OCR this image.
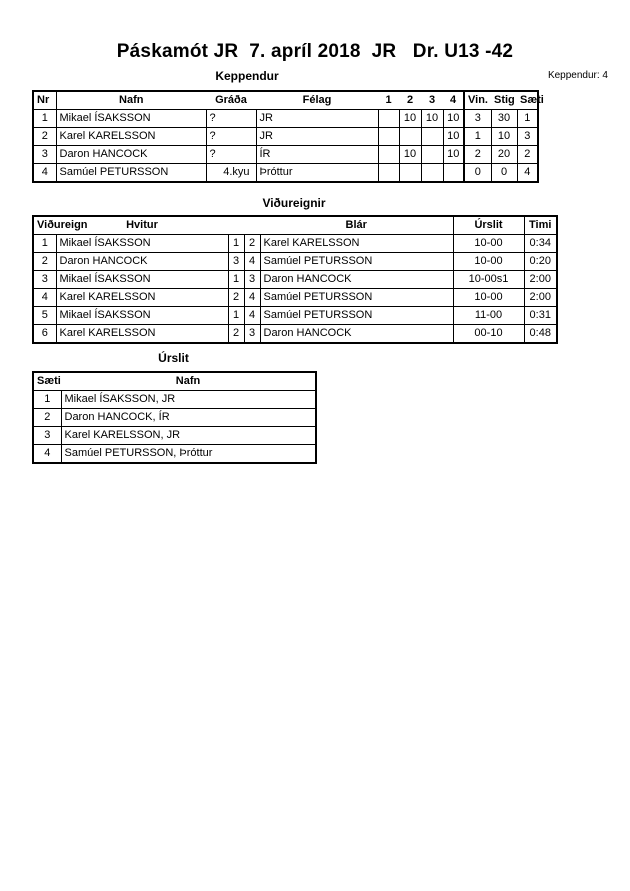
Páskamót JR  7. apríl 2018  JR   Dr. U13 -42
Keppendur	Keppendur: 4
Nr	Nafn	Gráða	Félag	1	2	3	4	Vin.	Stig	Sæti
1	Mikael ÍSAKSSON	?	JR		10	10	10	3	30	1
2	Karel KARELSSON	?	JR				10	1	10	3
3	Daron HANCOCK	?	ÍR		10		10	2	20	2
4	Samúel PETURSSON	4.kyu	Þróttur					0	0	4
Viðureignir
Viðureign	Hvitur			Blár	Úrslit	Timi
1	Mikael ÍSAKSSON	1	2	Karel KARELSSON	10-00	0:34
2	Daron HANCOCK	3	4	Samúel PETURSSON	10-00	0:20
3	Mikael ÍSAKSSON	1	3	Daron HANCOCK	10-00s1	2:00
4	Karel KARELSSON	2	4	Samúel PETURSSON	10-00	2:00
5	Mikael ÍSAKSSON	1	4	Samúel PETURSSON	11-00	0:31
6	Karel KARELSSON	2	3	Daron HANCOCK	00-10	0:48
Úrslit
Sæti	Nafn
1	Mikael ÍSAKSSON, JR
2	Daron HANCOCK, ÍR
3	Karel KARELSSON, JR
4	Samúel PETURSSON, Þróttur
